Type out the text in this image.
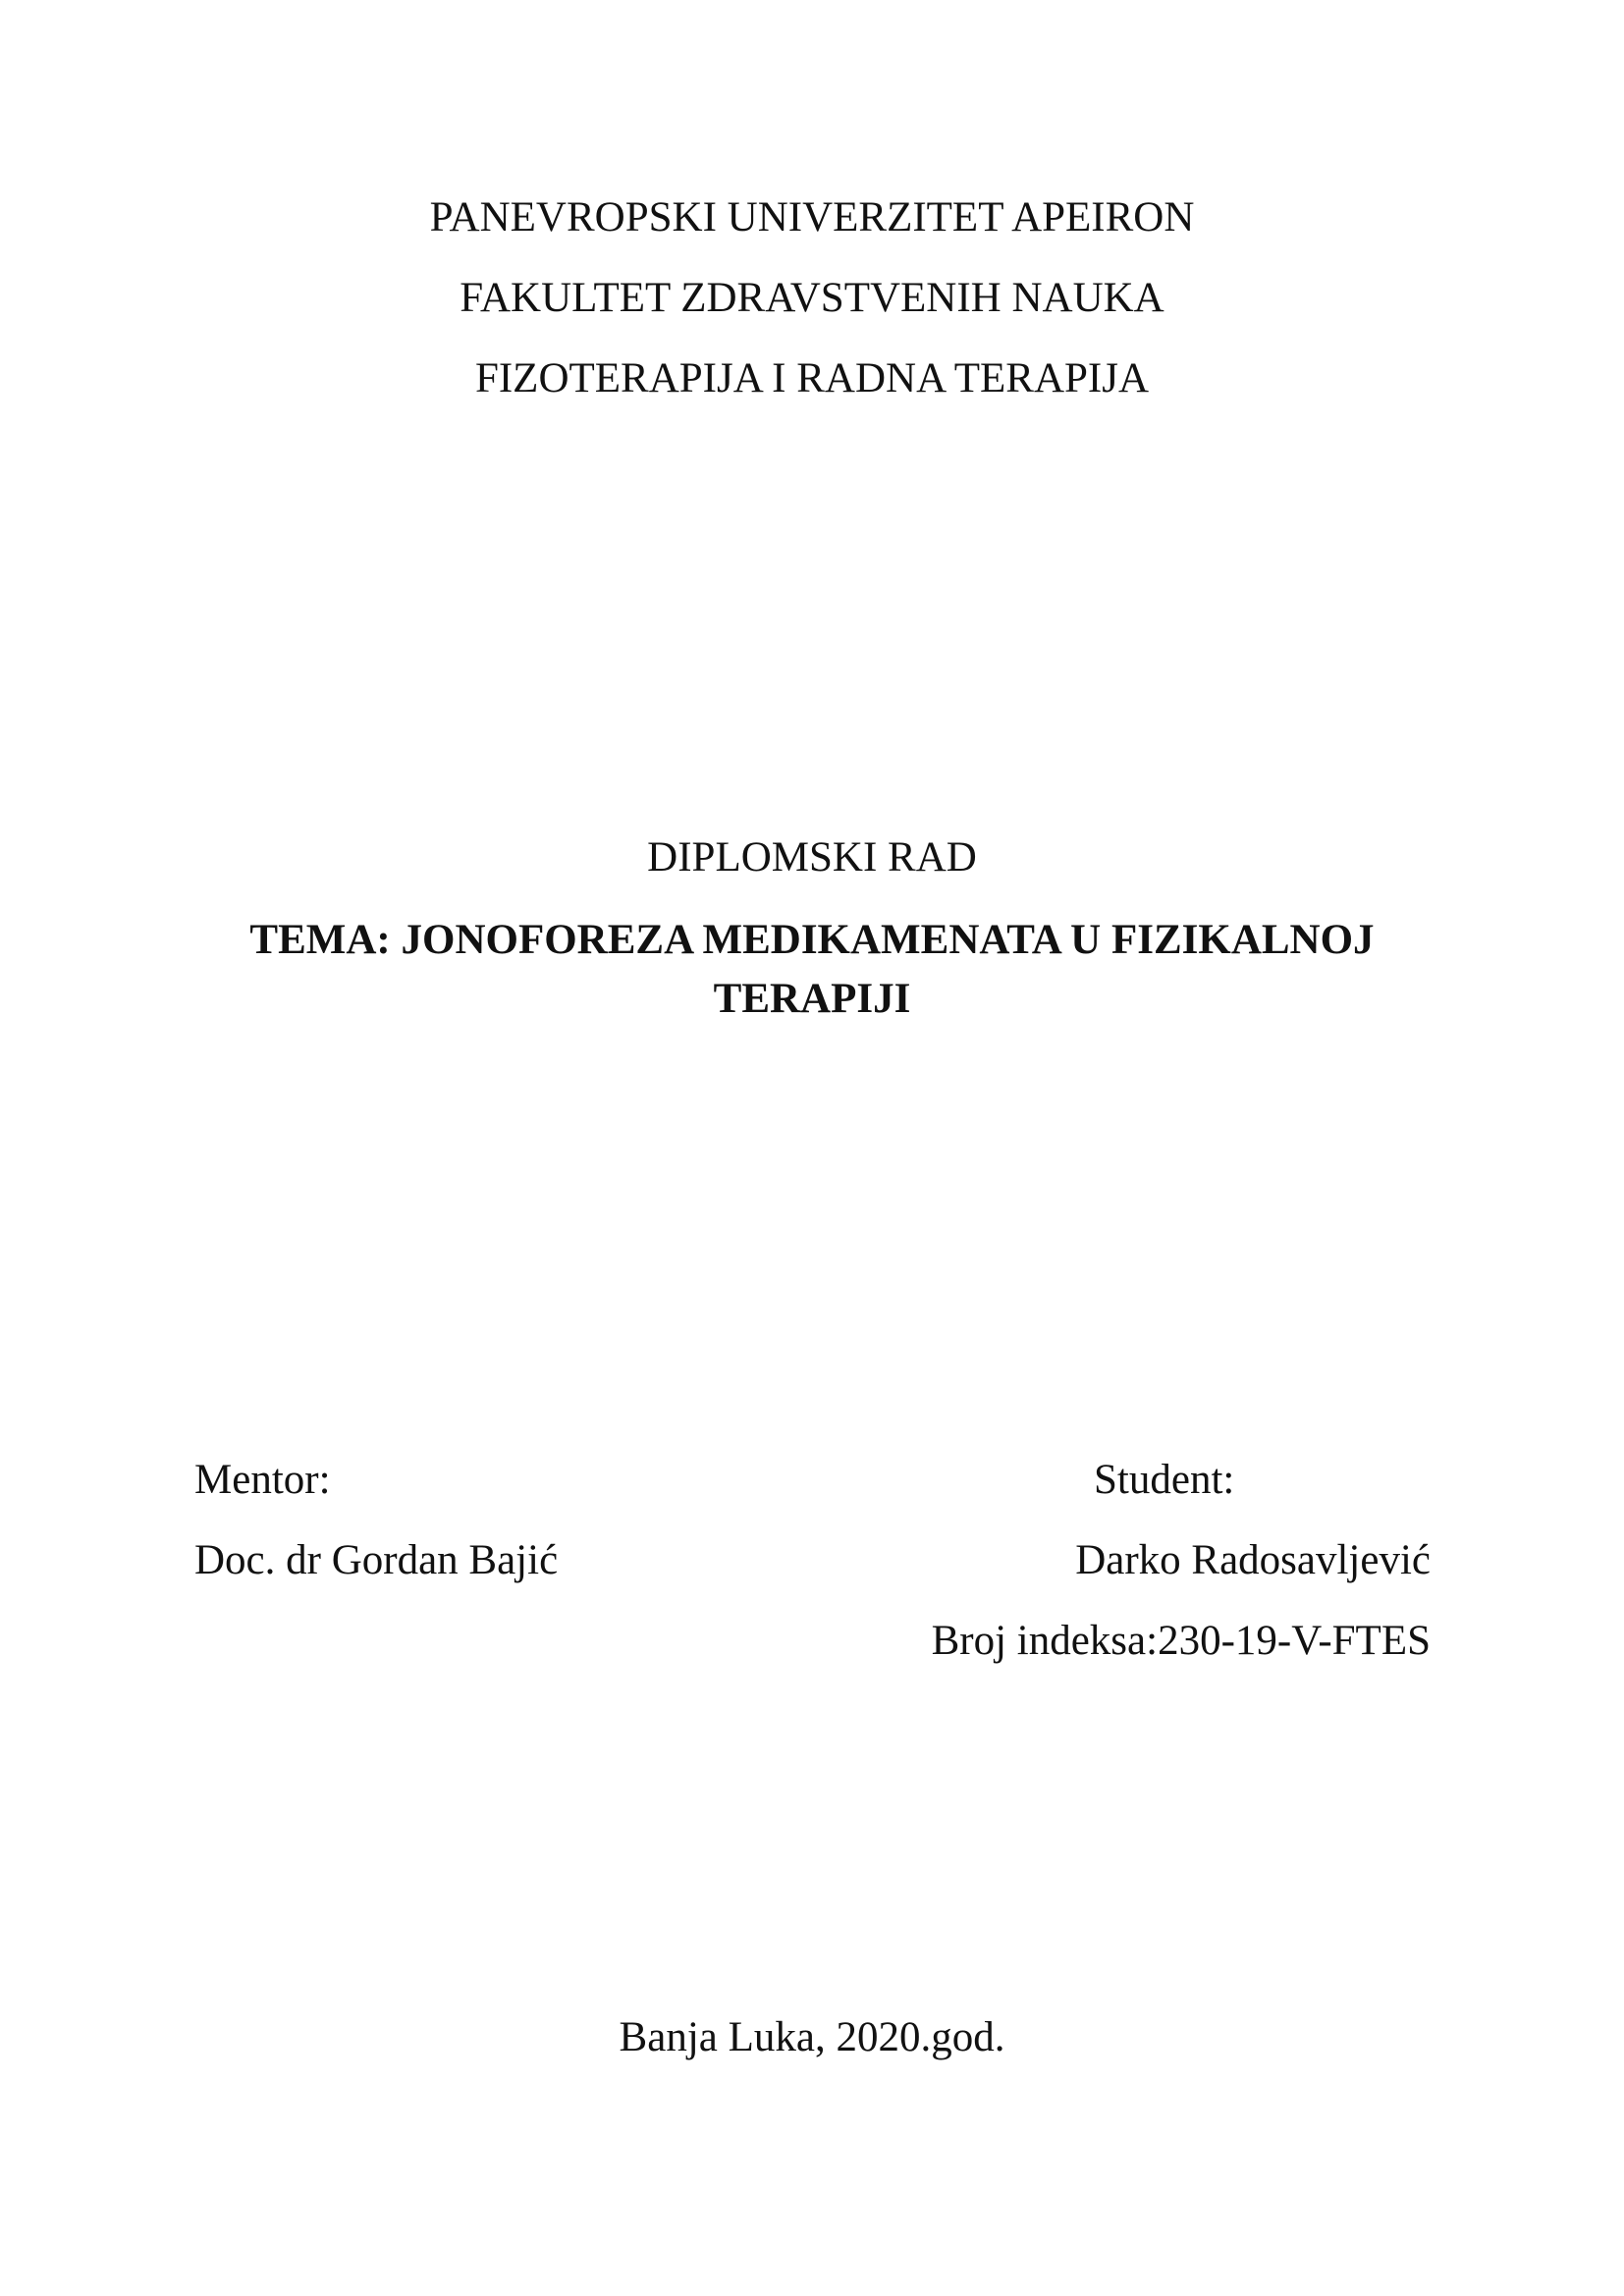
PANEVROPSKI UNIVERZITET APEIRON
FAKULTET ZDRAVSTVENIH NAUKA
FIZOTERAPIJA I RADNA TERAPIJA
DIPLOMSKI RAD
TEMA: JONOFOREZA MEDIKAMENATA U FIZIKALNOJ
TERAPIJI
Mentor:
Doc. dr Gordan Bajić
Student:
Darko Radosavljević
Broj indeksa:230-19-V-FTES
Banja Luka, 2020.god.
